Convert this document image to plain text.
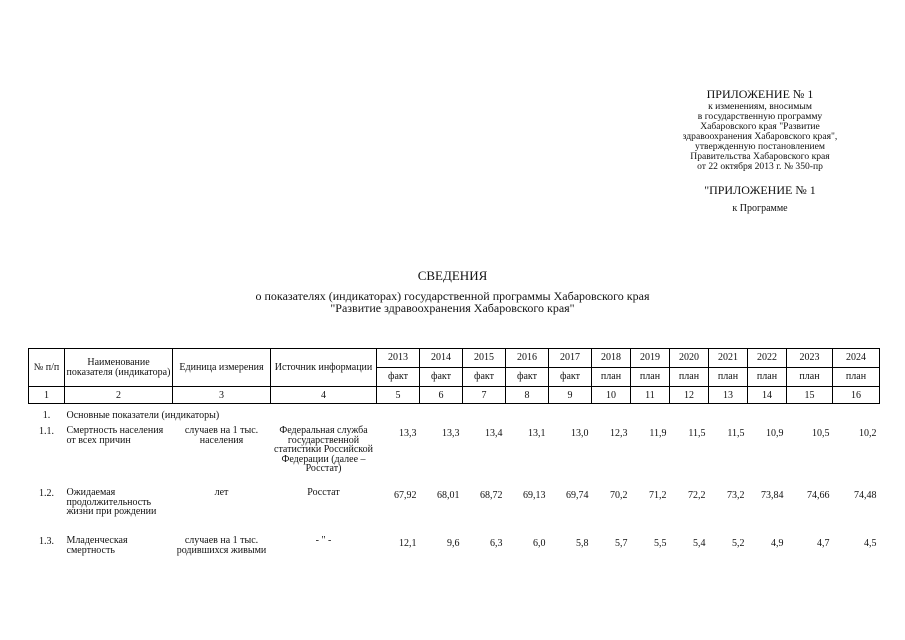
ПРИЛОЖЕНИЕ № 1
к изменениям, вносимым
в государственную программу
Хабаровского края "Развитие
здравоохранения Хабаровского края",
утвержденную постановлением
Правительства Хабаровского края
от 22 октября 2013 г. № 350-пр
"ПРИЛОЖЕНИЕ № 1
к Программе
СВЕДЕНИЯ
о показателях (индикаторах) государственной программы Хабаровского края
"Развитие здравоохранения Хабаровского края"
№ п/п	Наименование показателя (индикатора)	Единица измерения	Источник информации	2013	2014	2015	2016	2017	2018	2019	2020	2021	2022	2023	2024
				факт	факт	факт	факт	факт	план	план	план	план	план	план	план
1	2	3	4	5	6	7	8	9	10	11	12	13	14	15	16
1.	Основные показатели (индикаторы)														
1.1.	Смертность населения от всех причин	случаев на 1 тыс. населения	Федеральная служба государственной статистики Российской Федерации (далее – Росстат)	13,3	13,3	13,4	13,1	13,0	12,3	11,9	11,5	11,5	10,9	10,5	10,2
1.2.	Ожидаемая продолжительность жизни при рождении	лет	Росстат	67,92	68,01	68,72	69,13	69,74	70,2	71,2	72,2	73,2	73,84	74,66	74,48
1.3.	Младенческая смертность	случаев на 1 тыс. родившихся живыми	- " -	12,1	9,6	6,3	6,0	5,8	5,7	5,5	5,4	5,2	4,9	4,7	4,5
